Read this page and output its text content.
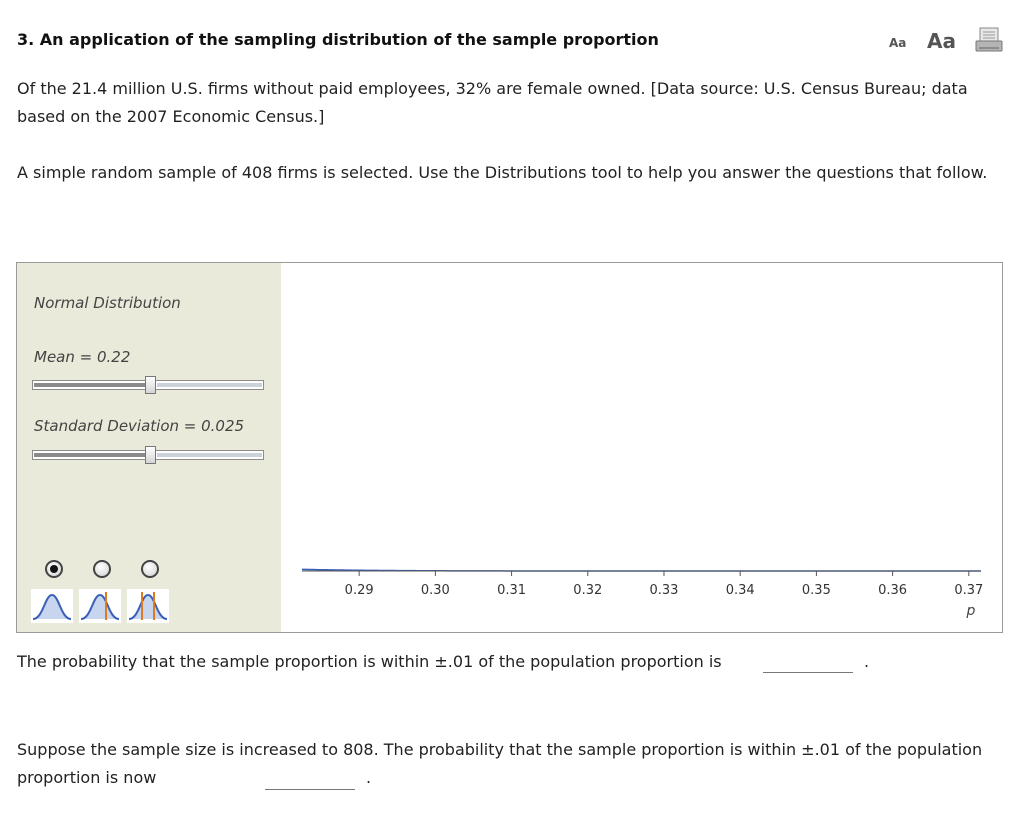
3. An application of the sampling distribution of the sample proportion	Aa Aa
Of the 21.4 million U.S. firms without paid employees, 32% are female owned. [Data source: U.S. Census Bureau; data based on the 2007 Economic Census.]
A simple random sample of 408 firms is selected. Use the Distributions tool to help you answer the questions that follow.
Normal Distribution
Mean = 0.22
Standard Deviation = 0.025
0.29	0.30	0.31	0.32	0.33	0.34	0.35	0.36	0.37
p
The probability that the sample proportion is within ±.01 of the population proportion is	.
Suppose the sample size is increased to 808. The probability that the sample proportion is within ±.01 of the population proportion is now	.
